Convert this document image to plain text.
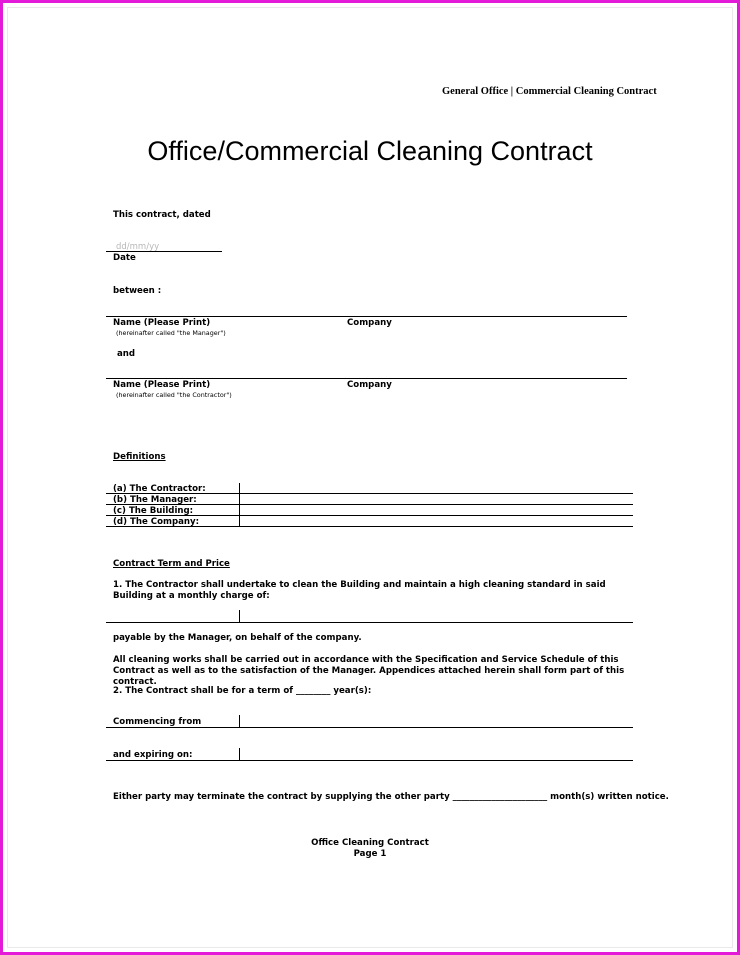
General Office | Commercial Cleaning Contract
Office/Commercial Cleaning Contract
This contract, dated
dd/mm/yy
Date
between :
Name (Please Print)	Company
(hereinafter called "the Manager")
and
Name (Please Print)	Company
(hereinafter called "the Contractor")
Definitions
(a) The Contractor:
(b) The Manager:
(c) The Building:
(d) The Company:
Contract Term and Price
1. The Contractor shall undertake to clean the Building and maintain a high cleaning standard in said Building at a monthly charge of:
payable by the Manager, on behalf of the company.
All cleaning works shall be carried out in accordance with the Specification and Service Schedule of this Contract as well as to the satisfaction of the Manager. Appendices attached herein shall form part of this contract.
2. The Contract shall be for a term of ________ year(s):
Commencing from
and expiring on:
Either party may terminate the contract by supplying the other party ______________________ month(s) written notice.
Office Cleaning Contract
Page 1
